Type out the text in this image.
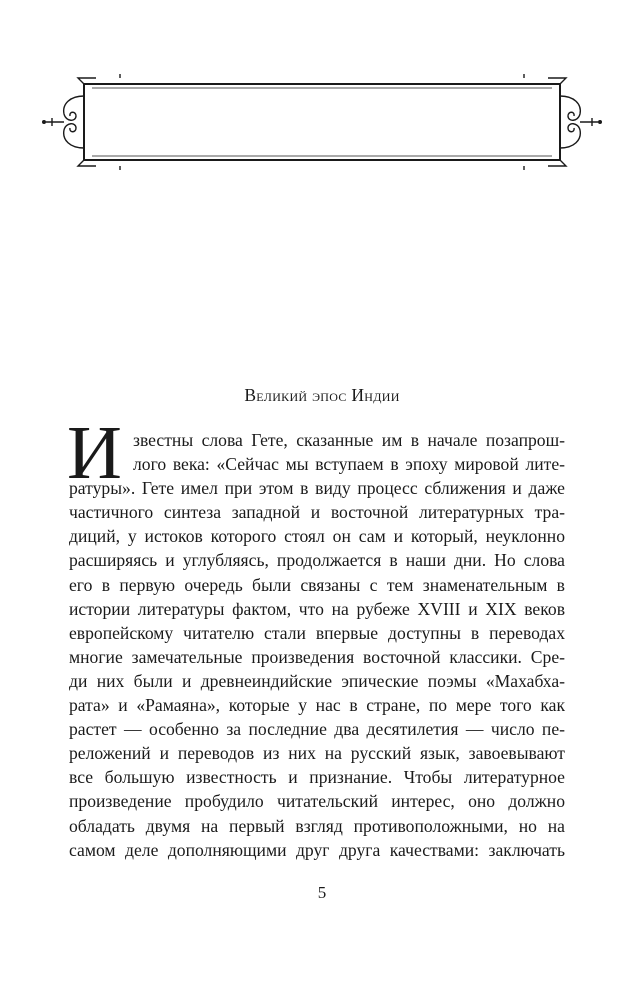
Великий эпос Индии
И звестны слова Гете, сказанные им в начале позапрош-
лого века: «Сейчас мы вступаем в эпоху мировой лите-
ратуры». Гете имел при этом в виду процесс сближения и даже
частичного синтеза западной и восточной литературных тра-
диций, у истоков которого стоял он сам и который, неуклонно
расширяясь и углубляясь, продолжается в наши дни. Но слова
его в первую очередь были связаны с тем знаменательным в
истории литературы фактом, что на рубеже XVIII и XIX веков
европейскому читателю стали впервые доступны в переводах
многие замечательные произведения восточной классики. Сре-
ди них были и древнеиндийские эпические поэмы «Махабха-
рата» и «Рамаяна», которые у нас в стране, по мере того как
растет — особенно за последние два десятилетия — число пе-
реложений и переводов из них на русский язык, завоевывают
все большую известность и признание. Чтобы литературное
произведение пробудило читательский интерес, оно должно
обладать двумя на первый взгляд противоположными, но на
самом деле дополняющими друг друга качествами: заключать
5
